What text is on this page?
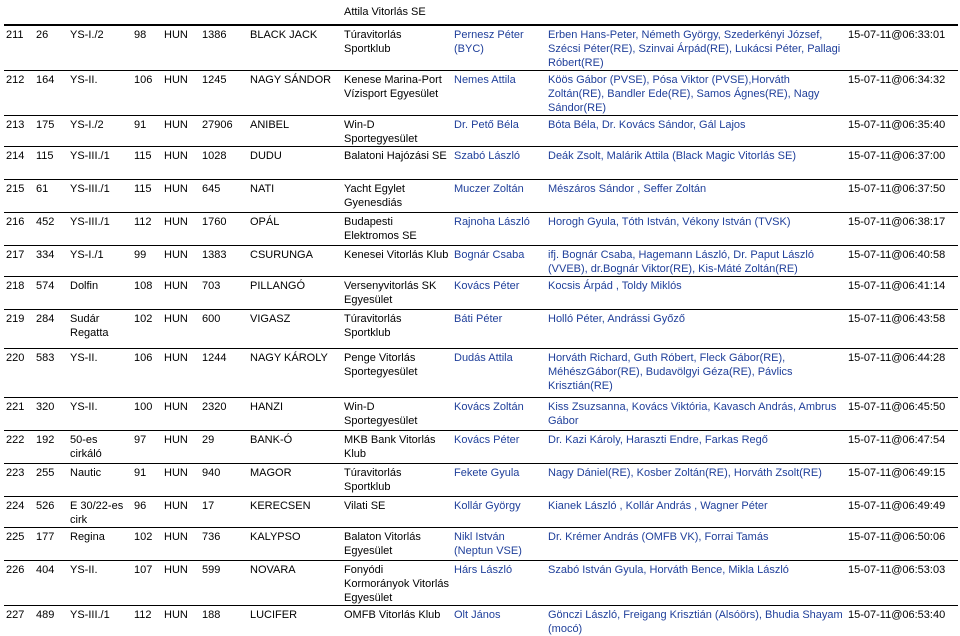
Attila Vitorlás SE
211	26	YS-I./2	98	HUN	1386	BLACK JACK	Túravitorlás Sportklub	Pernesz Péter (BYC)	Erben Hans-Peter, Németh György, Szederkényi József, Szécsi Péter(RE), Szinvai Árpád(RE), Lukácsi Péter, Pallagi Róbert(RE)	15-07-11@06:33:01
212	164	YS-II.	106	HUN	1245	NAGY SÁNDOR	Kenese Marina-Port Vízisport Egyesület	Nemes Attila	Köös Gábor (PVSE), Pósa Viktor (PVSE),Horváth Zoltán(RE), Bandler Ede(RE), Samos Ágnes(RE), Nagy Sándor(RE)	15-07-11@06:34:32
213	175	YS-I./2	91	HUN	27906	ANIBEL	Win-D Sportegyesület	Dr. Pető Béla	Bóta Béla, Dr. Kovács Sándor, Gál Lajos	15-07-11@06:35:40
214	115	YS-III./1	115	HUN	1028	DUDU	Balatoni Hajózási SE	Szabó László	Deák Zsolt, Malárik Attila (Black Magic Vitorlás SE)	15-07-11@06:37:00
215	61	YS-III./1	115	HUN	645	NATI	Yacht Egylet Gyenesdiás	Muczer Zoltán	Mészáros Sándor , Seffer Zoltán	15-07-11@06:37:50
216	452	YS-III./1	112	HUN	1760	OPÁL	Budapesti Elektromos SE	Rajnoha László	Horogh Gyula, Tóth István, Vékony István (TVSK)	15-07-11@06:38:17
217	334	YS-I./1	99	HUN	1383	CSURUNGA	Kenesei Vitorlás Klub	Bognár Csaba	ifj. Bognár Csaba, Hagemann László, Dr. Paput László (VVEB), dr.Bognár Viktor(RE), Kis-Máté Zoltán(RE)	15-07-11@06:40:58
218	574	Dolfin	108	HUN	703	PILLANGÓ	Versenyvitorlás SK Egyesület	Kovács Péter	Kocsis Árpád , Toldy Miklós	15-07-11@06:41:14
219	284	Sudár Regatta	102	HUN	600	VIGASZ	Túravitorlás Sportklub	Báti Péter	Holló Péter, Andrássi Győző	15-07-11@06:43:58
220	583	YS-II.	106	HUN	1244	NAGY KÁROLY	Penge Vitorlás Sportegyesület	Dudás Attila	Horváth Richard, Guth Róbert, Fleck Gábor(RE), MéhészGábor(RE), Budavölgyi Géza(RE), Pávlics Krisztián(RE)	15-07-11@06:44:28
221	320	YS-II.	100	HUN	2320	HANZI	Win-D Sportegyesület	Kovács Zoltán	Kiss Zsuzsanna, Kovács Viktória, Kavasch András, Ambrus Gábor	15-07-11@06:45:50
222	192	50-es cirkáló	97	HUN	29	BANK-Ó	MKB Bank Vitorlás Klub	Kovács Péter	Dr. Kazi Károly, Haraszti Endre, Farkas Regő	15-07-11@06:47:54
223	255	Nautic	91	HUN	940	MAGOR	Túravitorlás Sportklub	Fekete Gyula	Nagy Dániel(RE), Kosber Zoltán(RE), Horváth Zsolt(RE)	15-07-11@06:49:15
224	526	E 30/22-es cirk	96	HUN	17	KERECSEN	Vilati SE	Kollár György	Kianek László , Kollár András , Wagner Péter	15-07-11@06:49:49
225	177	Regina	102	HUN	736	KALYPSO	Balaton Vitorlás Egyesület	Nikl István (Neptun VSE)	Dr. Krémer András (OMFB VK), Forrai Tamás	15-07-11@06:50:06
226	404	YS-II.	107	HUN	599	NOVARA	Fonyódi Kormorányok Vitorlás Egyesület	Hárs László	Szabó István Gyula, Horváth Bence, Mikla László	15-07-11@06:53:03
227	489	YS-III./1	112	HUN	188	LUCIFER	OMFB Vitorlás Klub	Olt János	Gönczi László, Freigang Krisztián (Alsóörs), Bhudia Shayam (mocó)	15-07-11@06:53:40
